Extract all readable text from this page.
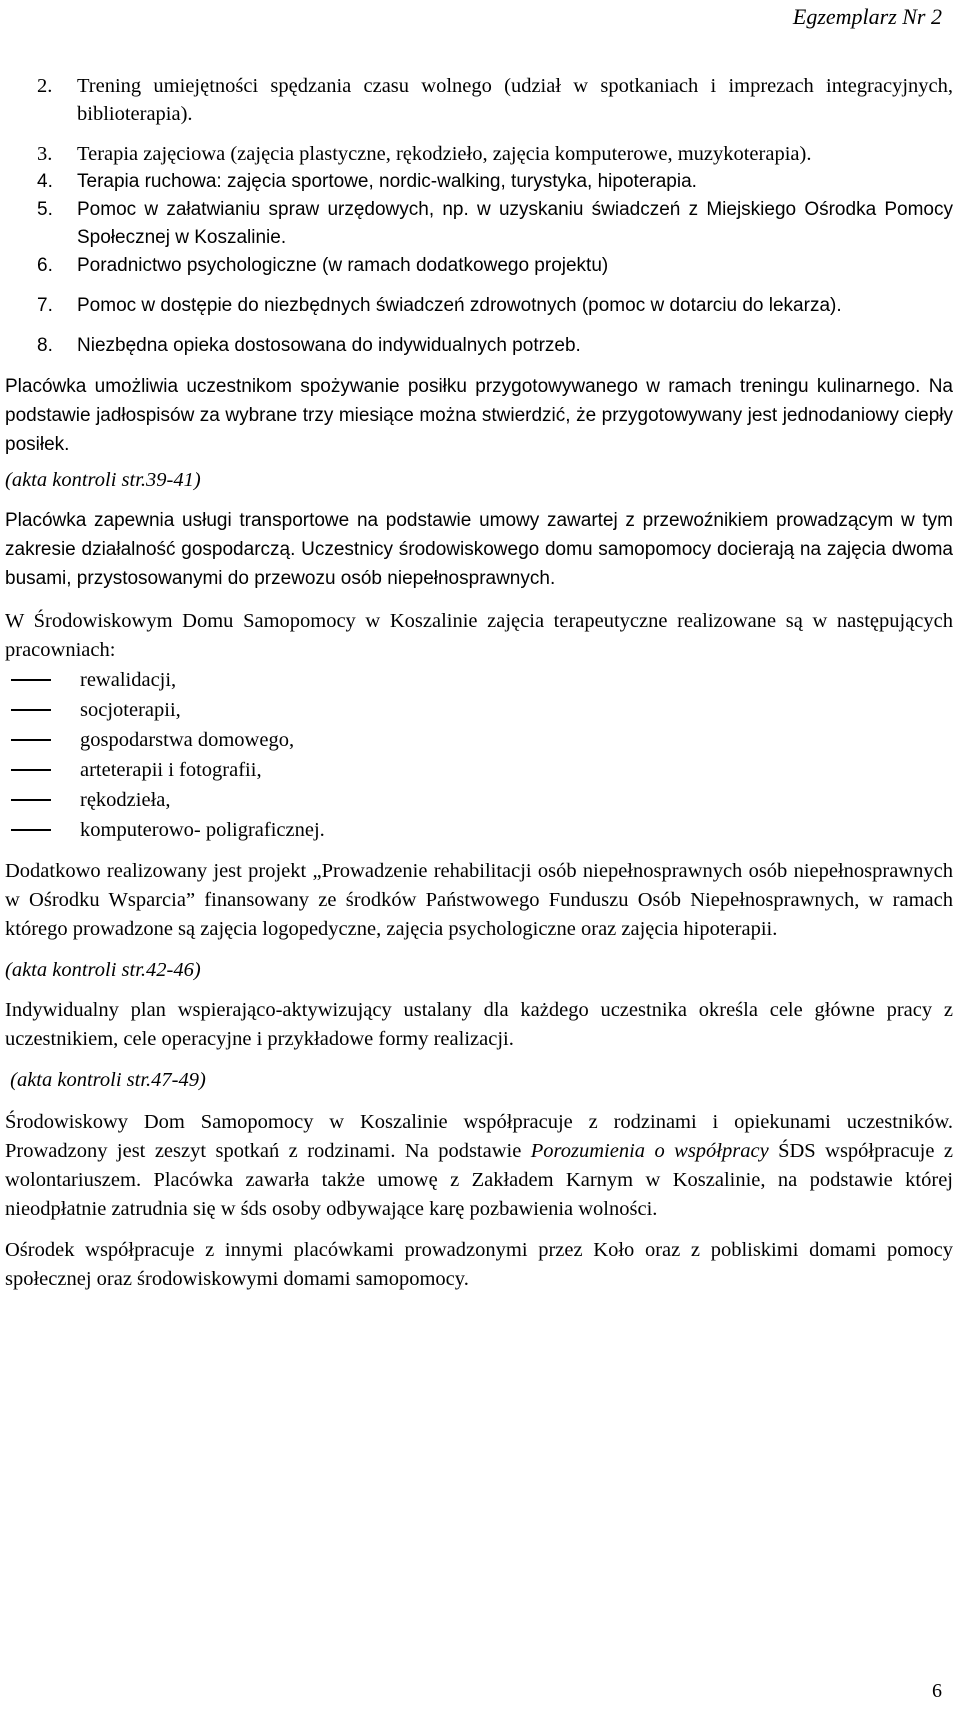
Egzemplarz Nr 2
2. Trening umiejętności spędzania czasu wolnego (udział w spotkaniach i imprezach integracyjnych, biblioterapia).
3. Terapia zajęciowa (zajęcia plastyczne, rękodzieło, zajęcia komputerowe, muzykoterapia).
4. Terapia ruchowa: zajęcia sportowe, nordic-walking, turystyka, hipoterapia.
5. Pomoc w załatwianiu spraw urzędowych, np. w uzyskaniu świadczeń z Miejskiego Ośrodka Pomocy Społecznej w Koszalinie.
6. Poradnictwo psychologiczne (w ramach dodatkowego projektu)
7. Pomoc w dostępie do niezbędnych świadczeń zdrowotnych (pomoc w dotarciu do lekarza).
8. Niezbędna opieka dostosowana do indywidualnych potrzeb.

Placówka umożliwia uczestnikom spożywanie posiłku przygotowywanego w ramach treningu kulinarnego. Na podstawie jadłospisów za wybrane trzy miesiące można stwierdzić, że przygotowywany jest jednodaniowy ciepły posiłek.

(akta kontroli str.39-41)

Placówka zapewnia usługi transportowe na podstawie umowy zawartej z przewoźnikiem prowadzącym w tym zakresie działalność gospodarczą. Uczestnicy środowiskowego domu samopomocy docierają na zajęcia dwoma busami, przystosowanymi do przewozu osób niepełnosprawnych.

W Środowiskowym Domu Samopomocy w Koszalinie zajęcia terapeutyczne realizowane są w następujących pracowniach:

rewalidacji,
socjoterapii,
gospodarstwa domowego,
arteterapii i fotografii,
rękodzieła,
komputerowo- poligraficznej.

Dodatkowo realizowany jest projekt „Prowadzenie rehabilitacji osób niepełnosprawnych osób niepełnosprawnych w Ośrodku Wsparcia” finansowany ze środków Państwowego Funduszu Osób Niepełnosprawnych, w ramach którego prowadzone są zajęcia logopedyczne, zajęcia psychologiczne oraz zajęcia hipoterapii.

(akta kontroli str.42-46)

Indywidualny plan wspierająco-aktywizujący ustalany dla każdego uczestnika określa cele główne pracy z uczestnikiem, cele operacyjne i przykładowe formy realizacji.

(akta kontroli str.47-49)

Środowiskowy Dom Samopomocy w Koszalinie współpracuje z rodzinami i opiekunami uczestników. Prowadzony jest zeszyt spotkań z rodzinami. Na podstawie Porozumienia o współpracy ŚDS współpracuje z wolontariuszem. Placówka zawarła także umowę z Zakładem Karnym w Koszalinie, na podstawie której nieodpłatnie zatrudnia się w śds osoby odbywające karę pozbawienia wolności.

Ośrodek współpracuje z innymi placówkami prowadzonymi przez Koło oraz z pobliskimi domami pomocy społecznej oraz środowiskowymi domami samopomocy.

6
